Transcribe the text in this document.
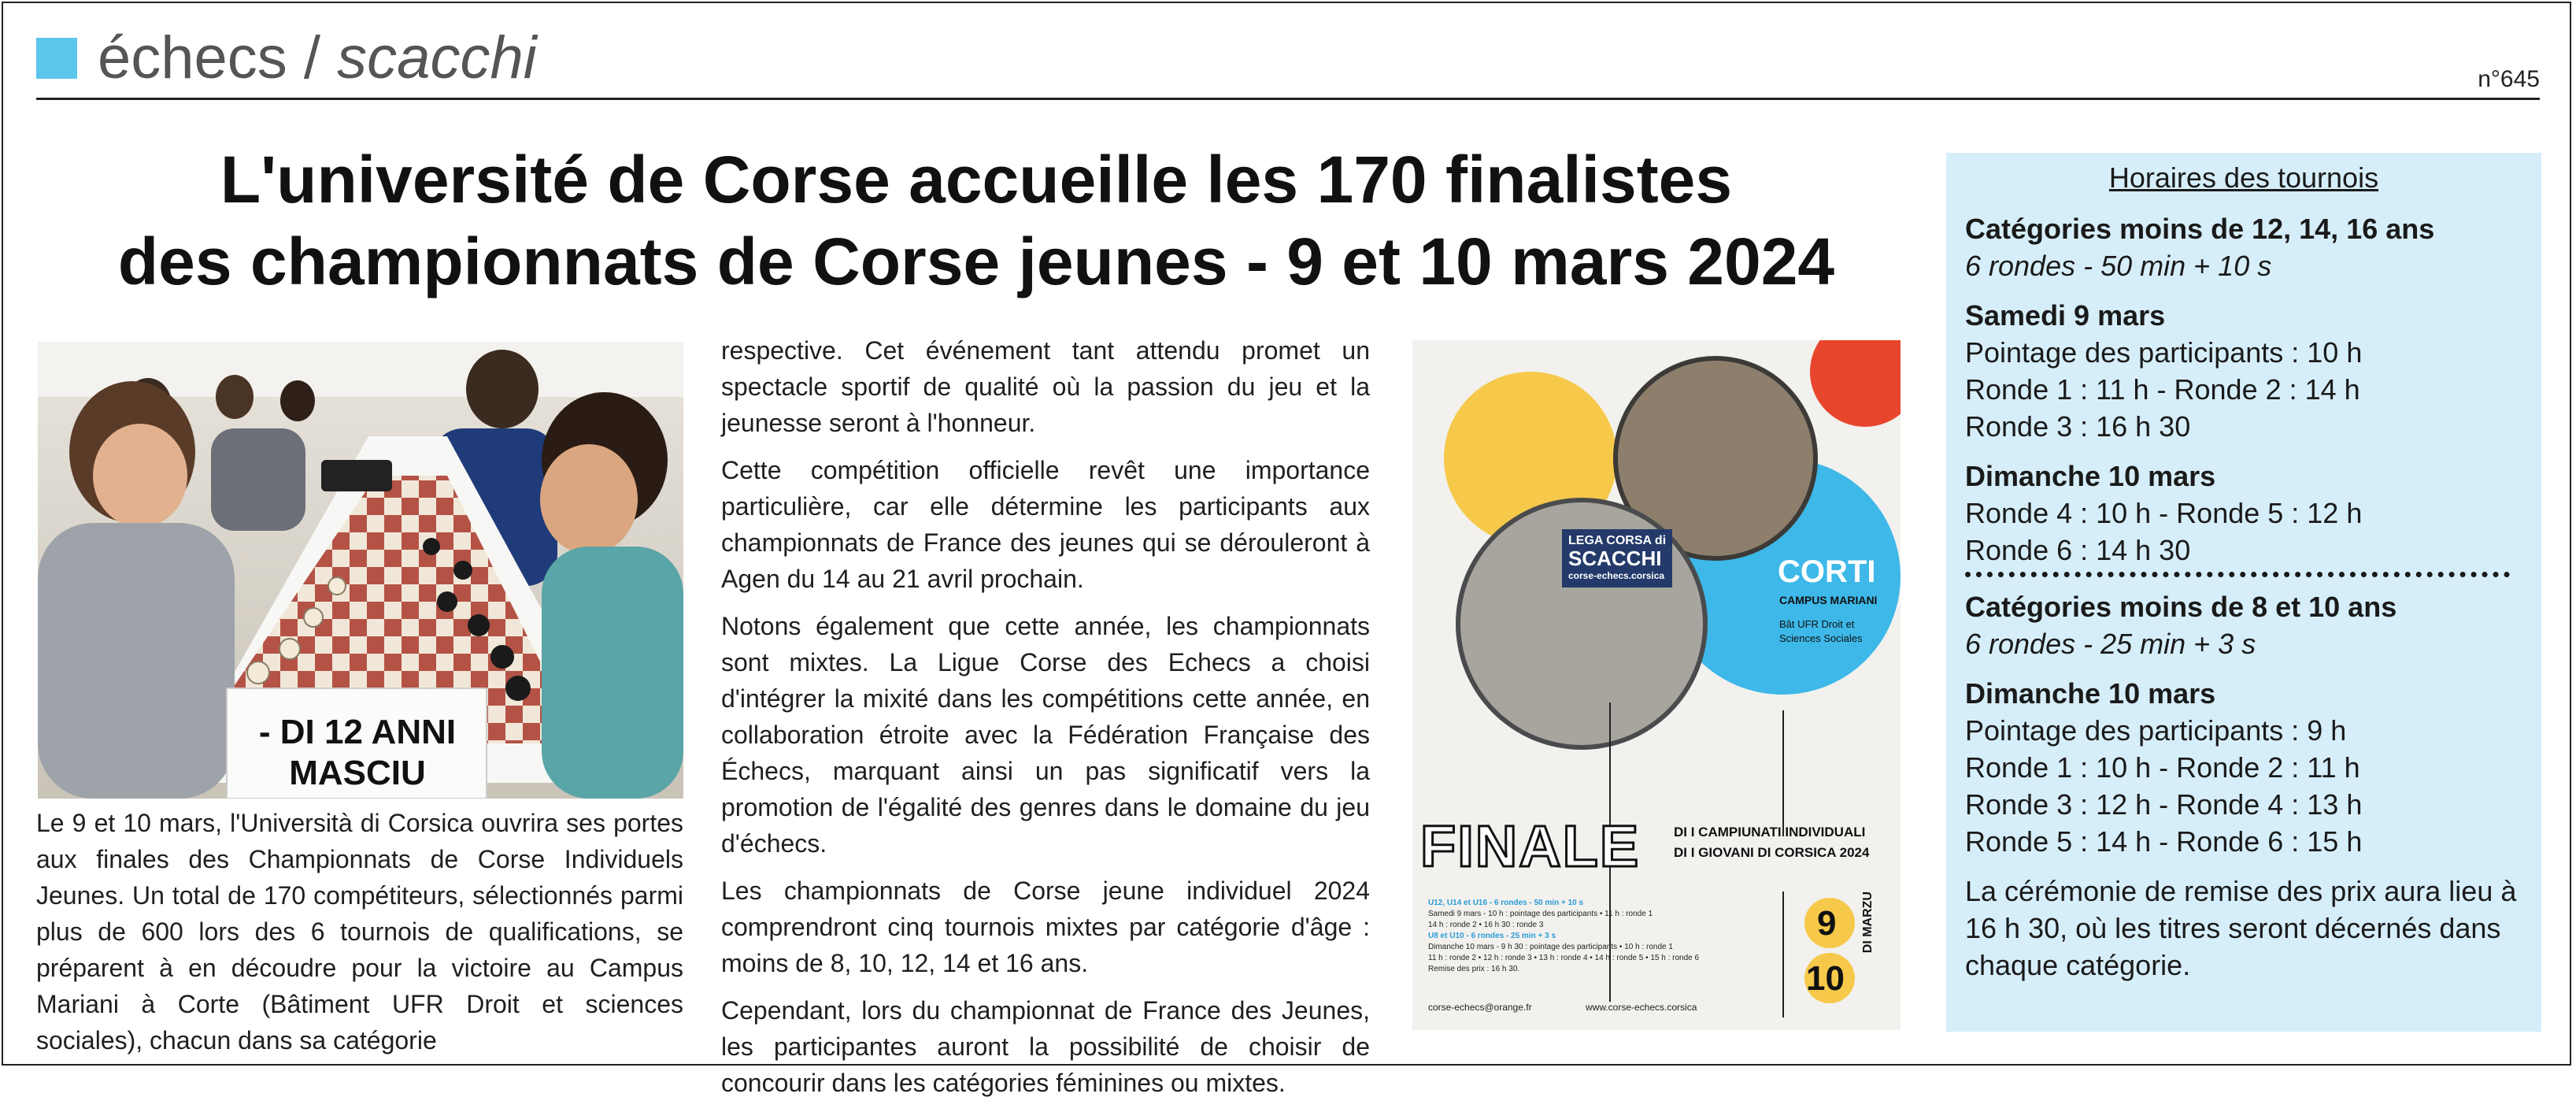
échecs / scacchi	n°645
L'université de Corse accueille les 170 finalistes
des championnats de Corse jeunes - 9 et 10 mars 2024
- DI 12 ANNI
MASCIU

Le 9 et 10 mars, l'Università di Corsica ouvrira ses portes aux finales des Championnats de Corse Individuels Jeunes. Un total de 170 compétiteurs, sélectionnés parmi plus de 600 lors des 6 tournois de qualifications, se préparent à en découdre pour la victoire au Campus Mariani à Corte (Bâtiment UFR Droit et sciences sociales), chacun dans sa catégorie

respective. Cet événement tant attendu promet un spectacle sportif de qualité où la passion du jeu et la jeunesse seront à l'honneur.

Cette compétition officielle revêt une importance particulière, car elle détermine les participants aux championnats de France des jeunes qui se dérouleront à Agen du 14 au 21 avril prochain.

Notons également que cette année, les championnats sont mixtes. La Ligue Corse des Echecs a choisi d'intégrer la mixité dans les compétitions cette année, en collaboration étroite avec la Fédération Française des Échecs, marquant ainsi un pas significatif vers la promotion de l'égalité des genres dans le domaine du jeu d'échecs.

Les championnats de Corse jeune individuel 2024 comprendront cinq tournois mixtes par catégorie d'âge : moins de 8, 10, 12, 14 et 16 ans.

Cependant, lors du championnat de France des Jeunes, les participantes auront la possibilité de choisir de concourir dans les catégories féminines ou mixtes.

LEGA CORSA di
SCACCHI
corse-echecs.corsica	CORTI
CAMPUS MARIANI
Bât UFR Droit et Sciences Sociales
FINALE	DI I CAMPIUNATI INDIVIDUALI
DI I GIOVANI DI CORSICA 2024
U12, U14 et U16 - 6 rondes - 50 min + 10 s
Samedi 9 mars - 10 h : pointage des participants • 11 h : ronde 1
14 h : ronde 2 • 16 h 30 : ronde 3
U8 et U10 - 6 rondes - 25 min + 3 s
Dimanche 10 mars - 9 h 30 : pointage des participants • 10 h : ronde 1
11 h : ronde 2 • 12 h : ronde 3 • 13 h : ronde 4 • 14 h : ronde 5 • 15 h : ronde 6
Remise des prix : 16 h 30.
corse-echecs@orange.fr	www.corse-echecs.corsica
9
10
DI MARZU
Horaires des tournois
Catégories moins de 12, 14, 16 ans
6 rondes - 50 min + 10 s
Samedi 9 mars
Pointage des participants : 10 h
Ronde 1 : 11 h - Ronde 2 : 14 h
Ronde 3 : 16 h 30
Dimanche 10 mars
Ronde 4 : 10 h - Ronde 5 : 12 h
Ronde 6 : 14 h 30
Catégories moins de 8 et 10 ans
6 rondes - 25 min + 3 s
Dimanche 10 mars
Pointage des participants : 9 h
Ronde 1 : 10 h - Ronde 2 : 11 h
Ronde 3 : 12 h - Ronde 4 : 13 h
Ronde 5 : 14 h - Ronde 6 : 15 h
La cérémonie de remise des prix aura lieu à 16 h 30, où les titres seront décernés dans chaque catégorie.
